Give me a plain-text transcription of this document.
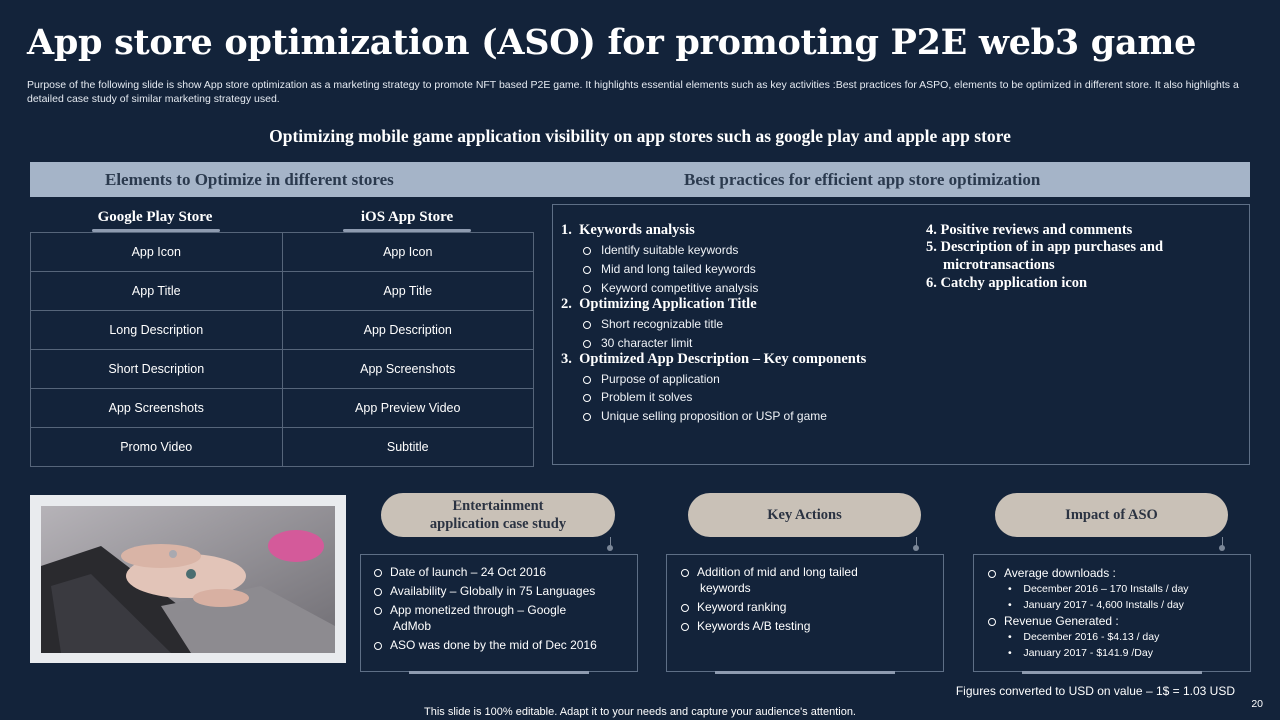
App store optimization (ASO) for promoting P2E web3 game
Purpose of the following slide is show App store optimization as a marketing strategy to promote NFT based P2E game. It highlights essential elements such as key activities :Best practices for ASPO, elements to be optimized in different store. It also highlights a detailed case study of similar marketing strategy used.
Optimizing mobile game application visibility on app stores such as google play and apple app store
Elements to Optimize in different stores	Best practices for efficient app store optimization
Google Play Store	iOS App Store
App Icon	App Icon
App Title	App Title
Long Description	App Description
Short Description	App Screenshots
App Screenshots	App Preview Video
Promo Video	Subtitle
1. Keywords analysis
Identify suitable keywords
Mid and long tailed keywords
Keyword competitive analysis
2. Optimizing Application Title
Short recognizable title
30 character limit
3. Optimized App Description – Key components
Purpose of application
Problem it solves
Unique selling proposition or USP of game
4. Positive reviews and comments
5. Description of in app purchases and
microtransactions
6. Catchy application icon
Entertainment
application case study
Key Actions	Impact of ASO
Date of launch – 24 Oct 2016
Availability – Globally in 75 Languages
App monetized through – Google
AdMob
ASO was done by the mid of Dec 2016
Addition of mid and long tailed
keywords
Keyword ranking
Keywords A/B testing
Average downloads :
•    December 2016 – 170 Installs / day
•    January 2017 - 4,600 Installs / day
Revenue Generated :
•    December 2016 - $4.13 / day
•    January 2017 - $141.9 /Day
Figures converted to USD on value – 1$ = 1.03 USD
20
This slide is 100% editable. Adapt it to your needs and capture your audience's attention.
